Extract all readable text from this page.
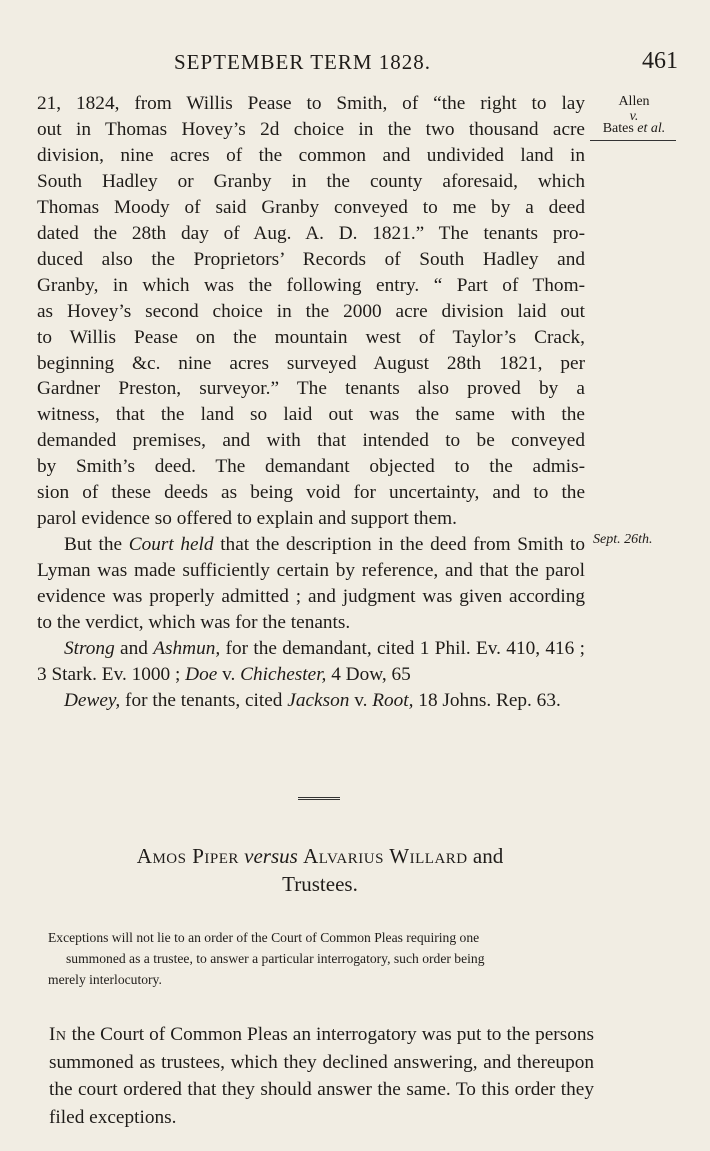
SEPTEMBER TERM 1828.	461
Allen
v.
Bates et al.
Sept. 26th.
21, 1824, from Willis Pease to Smith, of “the right to lay
out in Thomas Hovey’s 2d choice in the two thousand acre
division, nine acres of the common and undivided land in
South Hadley or Granby in the county aforesaid, which
Thomas Moody of said Granby conveyed to me by a deed
dated the 28th day of Aug. A. D. 1821.” The tenants pro-
duced also the Proprietors’ Records of South Hadley and
Granby, in which was the following entry. “ Part of Thom-
as Hovey’s second choice in the 2000 acre division laid out
to Willis Pease on the mountain west of Taylor’s Crack,
beginning &c. nine acres surveyed August 28th 1821, per
Gardner Preston, surveyor.” The tenants also proved by a
witness, that the land so laid out was the same with the
demanded premises, and with that intended to be conveyed
by Smith’s deed. The demandant objected to the admis-
sion of these deeds as being void for uncertainty, and to the
parol evidence so offered to explain and support them.

But the Court held that the description in the deed from Smith to Lyman was made sufficiently certain by reference, and that the parol evidence was properly admitted ; and judgment was given according to the verdict, which was for the tenants.

Strong and Ashmun, for the demandant, cited 1 Phil. Ev. 410, 416 ; 3 Stark. Ev. 1000 ; Doe v. Chichester, 4 Dow, 65

Dewey, for the tenants, cited Jackson v. Root, 18 Johns. Rep. 63.

Amos Piper versus Alvarius Willard and
Trustees.
Exceptions will not lie to an order of the Court of Common Pleas requiring one
summoned as a trustee, to answer a particular interrogatory, such order being
merely interlocutory.

In the Court of Common Pleas an interrogatory was put to the persons summoned as trustees, which they declined answering, and thereupon the court ordered that they should answer the same. To this order they filed exceptions.
